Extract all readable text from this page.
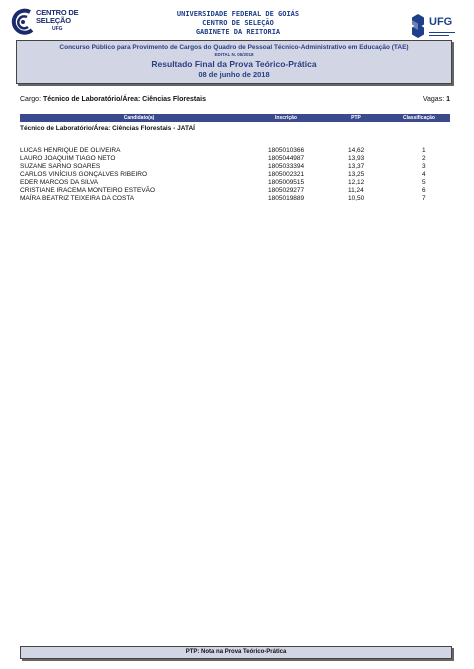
CENTRO DE
SELEÇÃO
UFG
UNIVERSIDADE FEDERAL DE GOIÁS
CENTRO DE SELEÇÃO
GABINETE DA REITORIA
UFG
Concurso Público para Provimento de Cargos do Quadro de Pessoal Técnico-Administrativo em Educação (TAE)
EDITAL N. 05/2018
Resultado Final da Prova Teórico-Prática
08 de junho de 2018
Cargo: Técnico de Laboratório/Área: Ciências Florestais	Vagas: 1
Candidato(a)	Inscrição	PTP	Classificação
Técnico de Laboratório/Área: Ciências Florestais - JATAÍ
LUCAS HENRIQUE DE OLIVEIRA	1805010366	14,62	1
LAURO JOAQUIM TIAGO NETO	1805044987	13,93	2
SUZANE SARNO SOARES	1805033394	13,37	3
CARLOS VINÍCIUS GONÇALVES RIBEIRO	1805002321	13,25	4
EDER MARCOS DA SILVA	1805009515	12,12	5
CRISTIANE IRACEMA MONTEIRO ESTEVÃO	1805029277	11,24	6
MAÍRA BEATRIZ TEIXEIRA DA COSTA	1805019889	10,50	7
PTP: Nota na Prova Teórico-Prática
